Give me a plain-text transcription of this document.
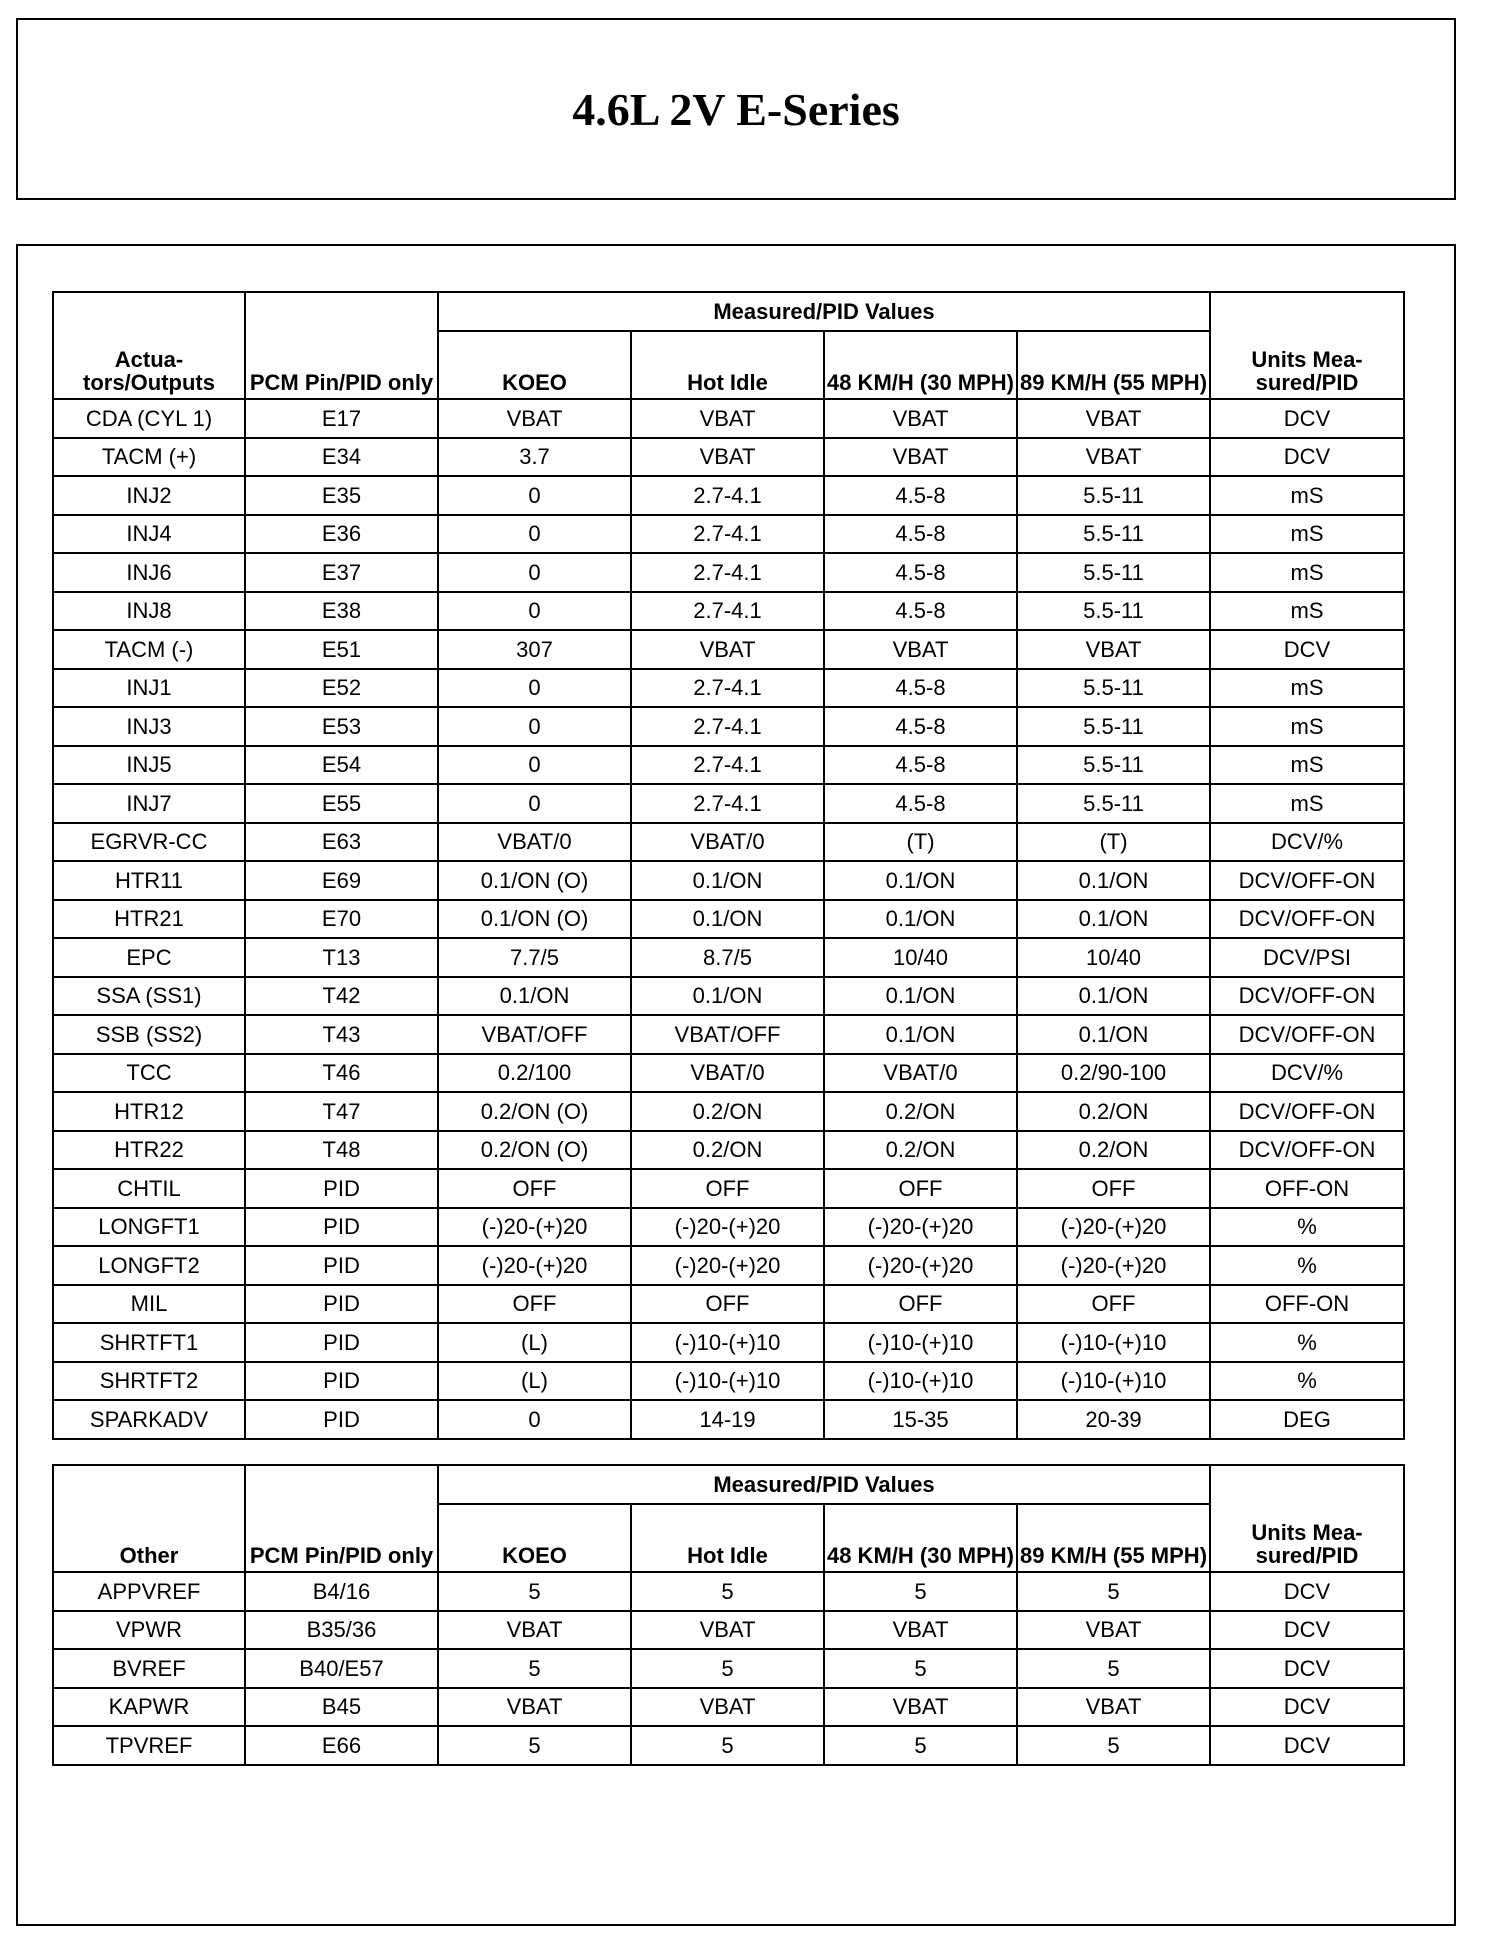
4.6L 2V E-Series
Actua-tors/Outputs	PCM Pin/PID only	Measured/PID Values				Units Mea-sured/PID
		KOEO	Hot Idle	48 KM/H (30 MPH)	89 KM/H (55 MPH)	
CDA (CYL 1)	E17	VBAT	VBAT	VBAT	VBAT	DCV
TACM (+)	E34	3.7	VBAT	VBAT	VBAT	DCV
INJ2	E35	0	2.7-4.1	4.5-8	5.5-11	mS
INJ4	E36	0	2.7-4.1	4.5-8	5.5-11	mS
INJ6	E37	0	2.7-4.1	4.5-8	5.5-11	mS
INJ8	E38	0	2.7-4.1	4.5-8	5.5-11	mS
TACM (-)	E51	307	VBAT	VBAT	VBAT	DCV
INJ1	E52	0	2.7-4.1	4.5-8	5.5-11	mS
INJ3	E53	0	2.7-4.1	4.5-8	5.5-11	mS
INJ5	E54	0	2.7-4.1	4.5-8	5.5-11	mS
INJ7	E55	0	2.7-4.1	4.5-8	5.5-11	mS
EGRVR-CC	E63	VBAT/0	VBAT/0	(T)	(T)	DCV/%
HTR11	E69	0.1/ON (O)	0.1/ON	0.1/ON	0.1/ON	DCV/OFF-ON
HTR21	E70	0.1/ON (O)	0.1/ON	0.1/ON	0.1/ON	DCV/OFF-ON
EPC	T13	7.7/5	8.7/5	10/40	10/40	DCV/PSI
SSA (SS1)	T42	0.1/ON	0.1/ON	0.1/ON	0.1/ON	DCV/OFF-ON
SSB (SS2)	T43	VBAT/OFF	VBAT/OFF	0.1/ON	0.1/ON	DCV/OFF-ON
TCC	T46	0.2/100	VBAT/0	VBAT/0	0.2/90-100	DCV/%
HTR12	T47	0.2/ON (O)	0.2/ON	0.2/ON	0.2/ON	DCV/OFF-ON
HTR22	T48	0.2/ON (O)	0.2/ON	0.2/ON	0.2/ON	DCV/OFF-ON
CHTIL	PID	OFF	OFF	OFF	OFF	OFF-ON
LONGFT1	PID	(-)20-(+)20	(-)20-(+)20	(-)20-(+)20	(-)20-(+)20	%
LONGFT2	PID	(-)20-(+)20	(-)20-(+)20	(-)20-(+)20	(-)20-(+)20	%
MIL	PID	OFF	OFF	OFF	OFF	OFF-ON
SHRTFT1	PID	(L)	(-)10-(+)10	(-)10-(+)10	(-)10-(+)10	%
SHRTFT2	PID	(L)	(-)10-(+)10	(-)10-(+)10	(-)10-(+)10	%
SPARKADV	PID	0	14-19	15-35	20-39	DEG
Other	PCM Pin/PID only	Measured/PID Values				Units Mea-sured/PID
		KOEO	Hot Idle	48 KM/H (30 MPH)	89 KM/H (55 MPH)	
APPVREF	B4/16	5	5	5	5	DCV
VPWR	B35/36	VBAT	VBAT	VBAT	VBAT	DCV
BVREF	B40/E57	5	5	5	5	DCV
KAPWR	B45	VBAT	VBAT	VBAT	VBAT	DCV
TPVREF	E66	5	5	5	5	DCV
